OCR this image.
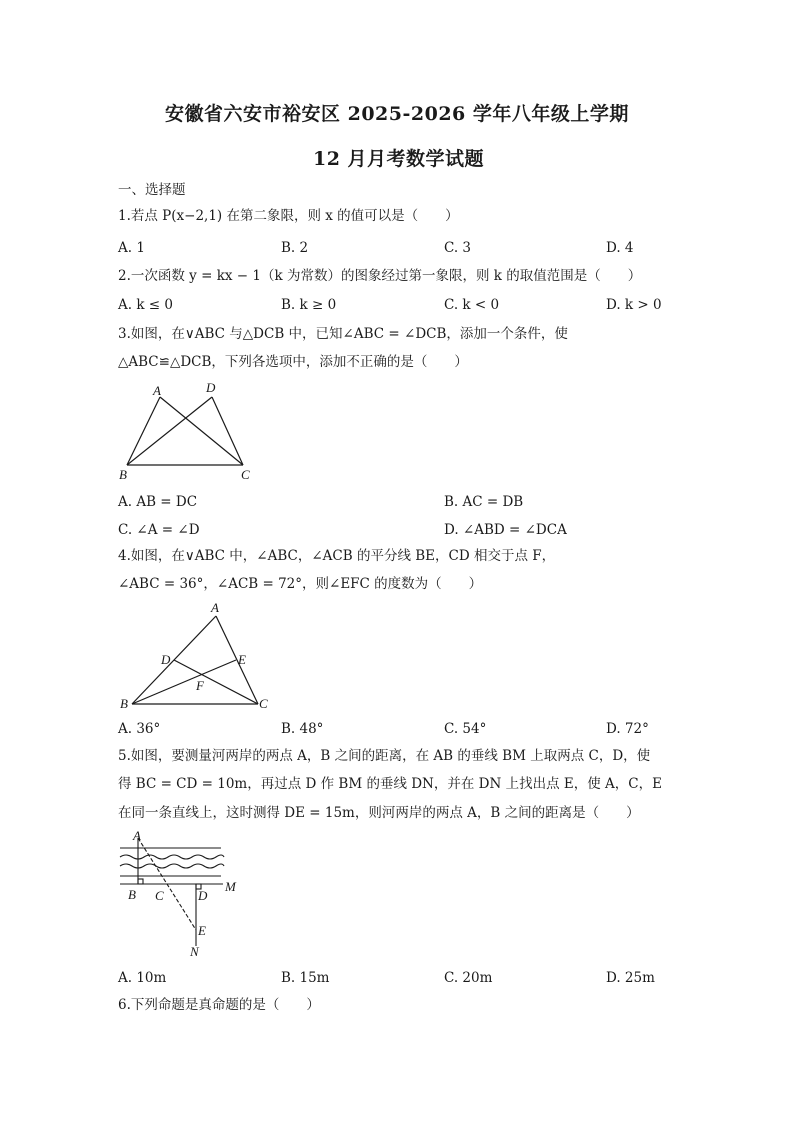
安徽省六安市裕安区 2025-2026 学年八年级上学期
12 月月考数学试题
一、选择题
1.若点 P(x−2,1) 在第二象限，则 x 的值可以是（　　）
A. 1	B. 2	C. 3	D. 4
2.一次函数 y = kx − 1（k 为常数）的图象经过第一象限，则 k 的取值范围是（　　）
A. k ≤ 0	B. k ≥ 0	C. k < 0	D. k > 0
3.如图，在∨ABC 与△DCB 中，已知∠ABC = ∠DCB，添加一个条件，使
△ABC≌△DCB，下列各选项中，添加不正确的是（　　）
A	D
B	C
A. AB = DC	B. AC = DB
C. ∠A = ∠D	D. ∠ABD = ∠DCA
4.如图，在∨ABC 中，∠ABC，∠ACB 的平分线 BE，CD 相交于点 F，
∠ABC = 36°，∠ACB = 72°，则∠EFC 的度数为（　　）
A
D	E
F
B	C
A. 36°	B. 48°	C. 54°	D. 72°
5.如图，要测量河两岸的两点 A，B 之间的距离，在 AB 的垂线 BM 上取两点 C，D，使
得 BC = CD = 10m，再过点 D 作 BM 的垂线 DN，并在 DN 上找出点 E，使 A，C，E
在同一条直线上，这时测得 DE = 15m，则河两岸的两点 A，B 之间的距离是（　　）
A
B C	D
M
E
N
A. 10m	B. 15m	C. 20m	D. 25m
6.下列命题是真命题的是（　　）
